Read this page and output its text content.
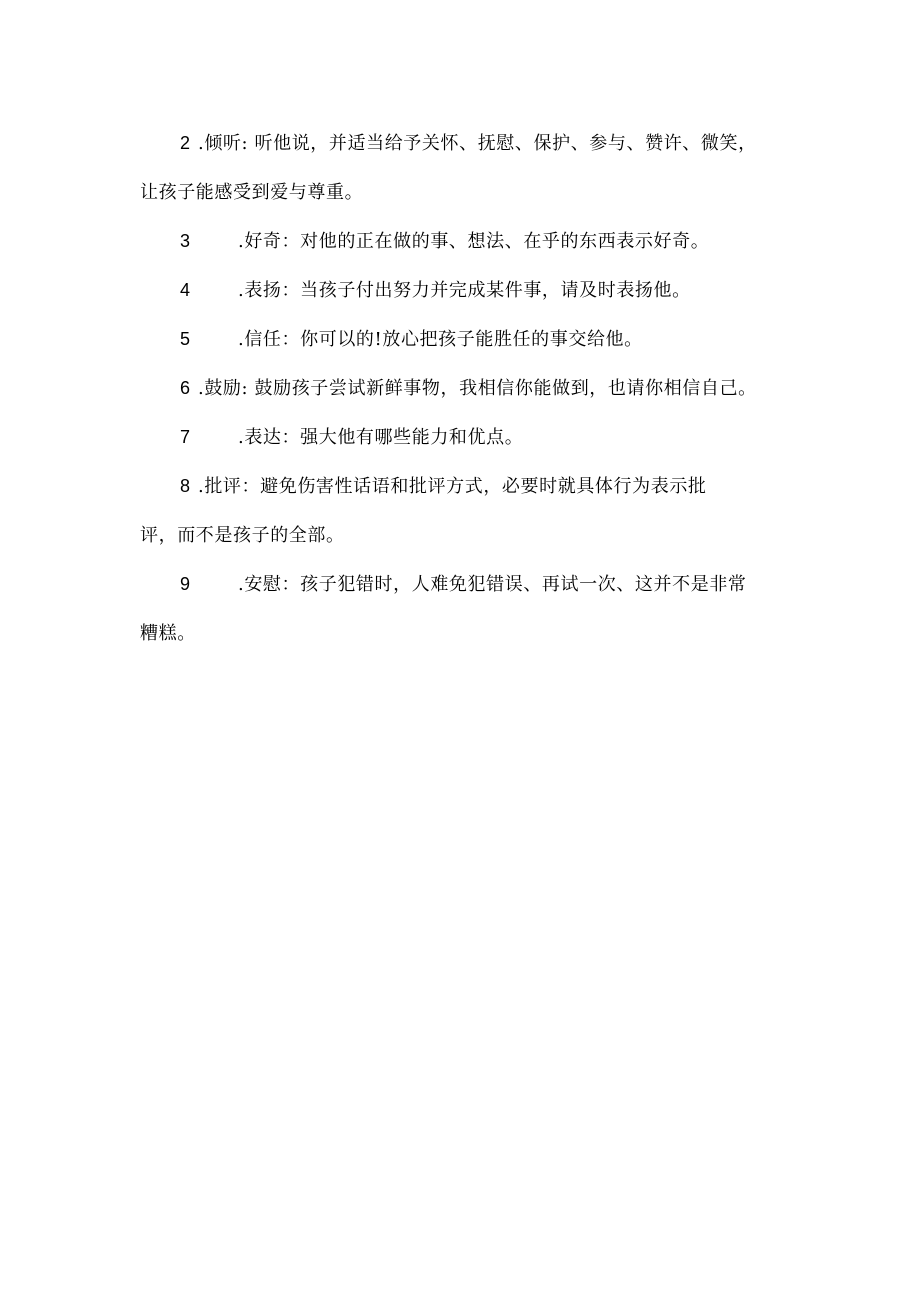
2 .倾听: 听他说，并适当给予关怀、抚慰、保护、参与、赞许、微笑，
让孩子能感受到爱与尊重。
3	.好奇：对他的正在做的事、想法、在乎的东西表示好奇。
4	.表扬：当孩子付出努力并完成某件事，请及时表扬他。
5	.信任：你可以的!放心把孩子能胜任的事交给他。
6 .鼓励: 鼓励孩子尝试新鲜事物，我相信你能做到，也请你相信自己。
7	.表达：强大他有哪些能力和优点。
8 .批评：避免伤害性话语和批评方式，必要时就具体行为表示批
评，而不是孩子的全部。
9	.安慰：孩子犯错时，人难免犯错误、再试一次、这并不是非常
糟糕。
